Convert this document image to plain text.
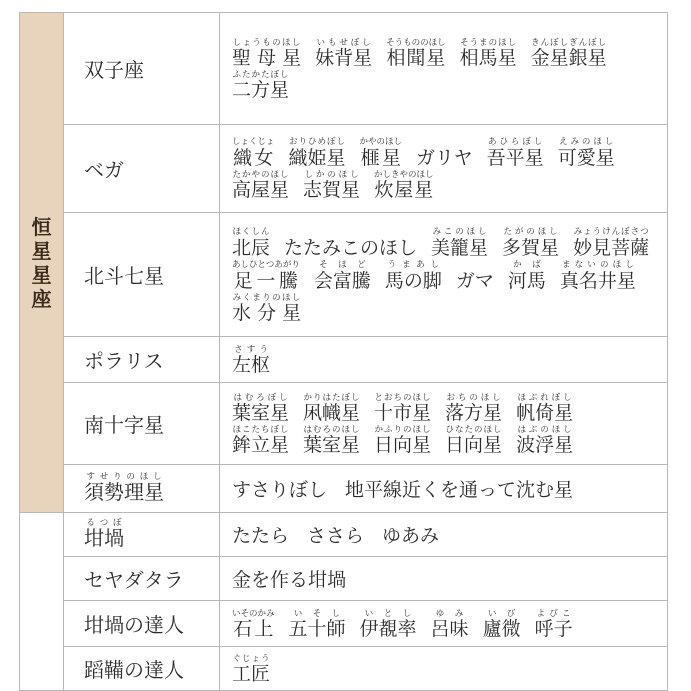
恒星星座	双子座	聖 母 星しょうものほし妹背星いもせぼし相聞星そうもののほし相馬星そうまのほし金星銀星きんぼしぎんぼし
二方星ふたかたぼし

	ベガ	織女しょくじょ織姫星おりひめぼし榧星かやのほしガリヤ 吾平星あひらぼし可愛星えみのほし
高屋星たかやのほし志賀星しかのほし炊屋星かしきやのほし

	北斗七星	北辰ほくしんたたみこのほし 美籠星みこのほし多賀星たがのほし妙見菩薩みょうけんぼさつ
足一騰あしひとつあがり会富騰そほど馬の脚うまあしガマ 河馬かば真名井星まないのほし
水 分 星みくまりのほし

	ポラリス	左枢さすう

	南十字星	葉室星はむろぼし凩幟星かりはたぼし十市星とおちのほし落方星おちのほし帆倚星ほぶれぼし
鉾立星ほこたちぼし葉室星はむろのほし日向星かふりのほし日向星ひなたのほし波浮星はぶのほし

	須勢理星すせりのほし	すさりぼし 地平線近くを通って沈む星
	坩堝るつぼ	たたら ささら ゆあみ
	セヤダタラ	金を作る坩堝
	坩堝の達人	石上いそのかみ五十師いそし伊覩率いとし呂味ゆみ廬微いび呼子よびこ

	蹈鞴の達人	工匠ぐじょう
